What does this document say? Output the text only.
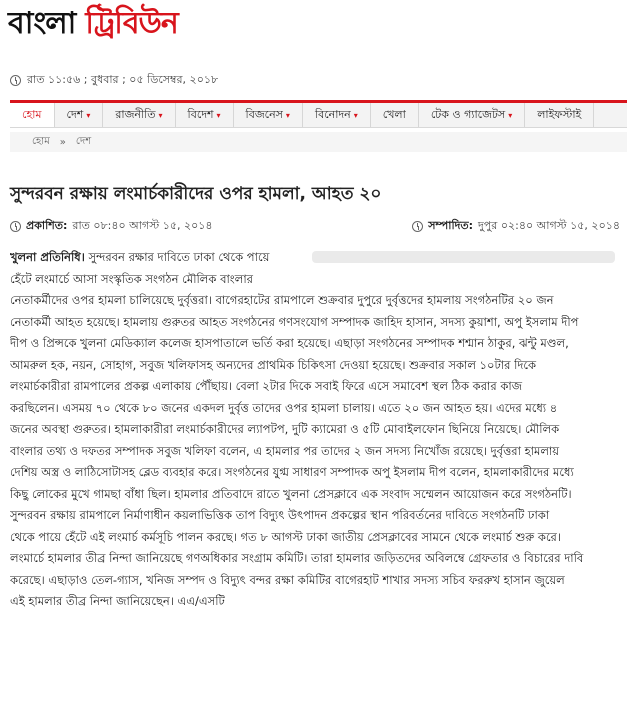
বাংলা ট্রিবিউন
রাত ১১:৫৬ ; বুধবার ; ০৫ ডিসেম্বর, ২০১৮
হোম দেশ ▾ রাজনীতি ▾ বিদেশ ▾ বিজনেস ▾ বিনোদন ▾ খেলা টেক ও গ্যাজেটস ▾ লাইফস্টাই
হোম » দেশ
সুন্দরবন রক্ষায় লংমার্চকারীদের ওপর হামলা, আহত ২০
প্রকাশিত: রাত ০৮:৪০ আগস্ট ১৫, ২০১৪	সম্পাদিত: দুপুর ০২:৪০ আগস্ট ১৫, ২০১৪
খুলনা প্রতিনিধি। সুন্দরবন রক্ষার দাবিতে ঢাকা থেকে পায়ে
হেঁটে লংমার্চে আসা সংস্কৃতিক সংগঠন মৌলিক বাংলার
নেতাকর্মীদের ওপর হামলা চালিয়েছে দুর্বৃত্তরা। বাগেরহাটের রামপালে শুক্রবার দুপুরে দুর্বৃত্তদের হামলায় সংগঠনটির ২০ জন
নেতাকর্মী আহত হয়েছে। হামলায় গুরুতর আহত সংগঠনের গণসংযোগ সম্পাদক জাহিদ হাসান, সদস্য কুয়াশা, অপু ইসলাম দীপ
দীপ ও প্রিন্সকে খুলনা মেডিক্যাল কলেজ হাসপাতালে ভর্তি করা হয়েছে। এছাড়া সংগঠনের সম্পাদক শশ্মান ঠাকুর, ঝন্টু মণ্ডল,
আমরুল হক, নয়ন, সোহাগ, সবুজ খলিফাসহ অন্যদের প্রাথমিক চিকিৎসা দেওয়া হয়েছে। শুক্রবার সকাল ১০টার দিকে
লংমার্চকারীরা রামপালের প্রকল্প এলাকায় পৌঁছায়। বেলা ২টার দিকে সবাই ফিরে এসে সমাবেশ স্থল ঠিক করার কাজ
করছিলেন। এসময় ৭০ থেকে ৮০ জনের একদল দুর্বৃত্ত তাদের ওপর হামলা চালায়। এতে ২০ জন আহত হয়। এদের মধ্যে ৪
জনের অবস্থা গুরুতর। হামলাকারীরা লংমার্চকারীদের ল্যাপটপ, দুটি ক্যামেরা ও ৫টি মোবাইলফোন ছিনিয়ে নিয়েছে। মৌলিক
বাংলার তথ্য ও দফতর সম্পাদক সবুজ খলিফা বলেন, এ হামলার পর তাদের ২ জন সদস্য নিখোঁজ রয়েছে। দুর্বৃত্তরা হামলায়
দেশিয় অস্ত্র ও লাঠিসোটাসহ ব্লেড ব্যবহার করে। সংগঠনের যুগ্ম সাধারণ সম্পাদক অপু ইসলাম দীপ বলেন, হামলাকারীদের মধ্যে
কিছু লোকের মুখে গামছা বাঁধা ছিল। হামলার প্রতিবাদে রাতে খুলনা প্রেসক্লাবে এক সংবাদ সম্মেলন আয়োজন করে সংগঠনটি।
সুন্দরবন রক্ষায় রামপালে নির্মাণাধীন কয়লাভিত্তিক তাপ বিদ্যুৎ উৎপাদন প্রকল্পের স্থান পরিবর্তনের দাবিতে সংগঠনটি ঢাকা
থেকে পায়ে হেঁটে এই লংমার্চ কর্মসূচি পালন করছে। গত ৮ আগস্ট ঢাকা জাতীয় প্রেসক্লাবের সামনে থেকে লংমার্চ শুরু করে।
লংমার্চে হামলার তীব্র নিন্দা জানিয়েছে গণঅধিকার সংগ্রাম কমিটি। তারা হামলার জড়িতদের অবিলম্বে গ্রেফতার ও বিচারের দাবি
করেছে। এছাড়াও তেল-গ্যাস, খনিজ সম্পদ ও বিদ্যুৎ বন্দর রক্ষা কমিটির বাগেরহাট শাখার সদস্য সচিব ফররুখ হাসান জুয়েল
এই হামলার তীব্র নিন্দা জানিয়েছেন। এএ/এসটি
